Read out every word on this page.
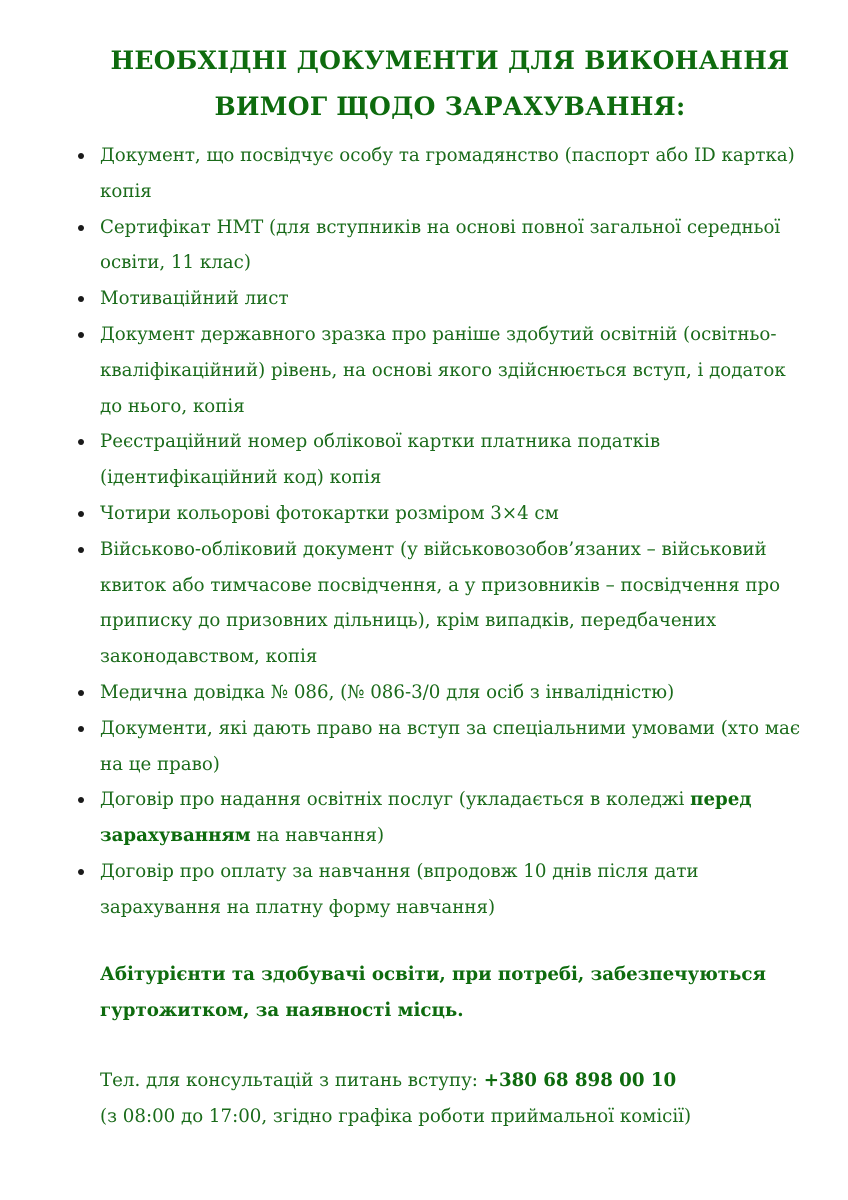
НЕОБХІДНІ ДОКУМЕНТИ ДЛЯ ВИКОНАННЯ
ВИМОГ ЩОДО ЗАРАХУВАННЯ:
Документ, що посвідчує особу та громадянство (паспорт або ID картка) копія
Сертифікат НМТ (для вступників на основі повної загальної середньої освіти, 11 клас)
Мотиваційний лист
Документ державного зразка про раніше здобутий освітній (освітньо-кваліфікаційний) рівень, на основі якого здійснюється вступ, і додаток до нього, копія
Реєстраційний номер облікової картки платника податків (ідентифікаційний код) копія
Чотири кольорові фотокартки розміром 3×4 см
Військово-обліковий документ (у військовозобов’язаних – військовий квиток або тимчасове посвідчення, а у призовників – посвідчення про приписку до призовних дільниць), крім випадків, передбачених законодавством, копія
Медична довідка № 086, (№ 086-3/0 для осіб з інвалідністю)
Документи, які дають право на вступ за спеціальними умовами (хто має на це право)
Договір про надання освітніх послуг (укладається в коледжі перед зарахуванням на навчання)
Договір про оплату за навчання (впродовж 10 днів після дати зарахування на платну форму навчання)
Абітурієнти та здобувачі освіти, при потребі, забезпечуються гуртожитком, за наявності місць.
Тел. для консультацій з питань вступу: +380 68 898 00 10
(з 08:00 до 17:00, згідно графіка роботи приймальної комісії)
